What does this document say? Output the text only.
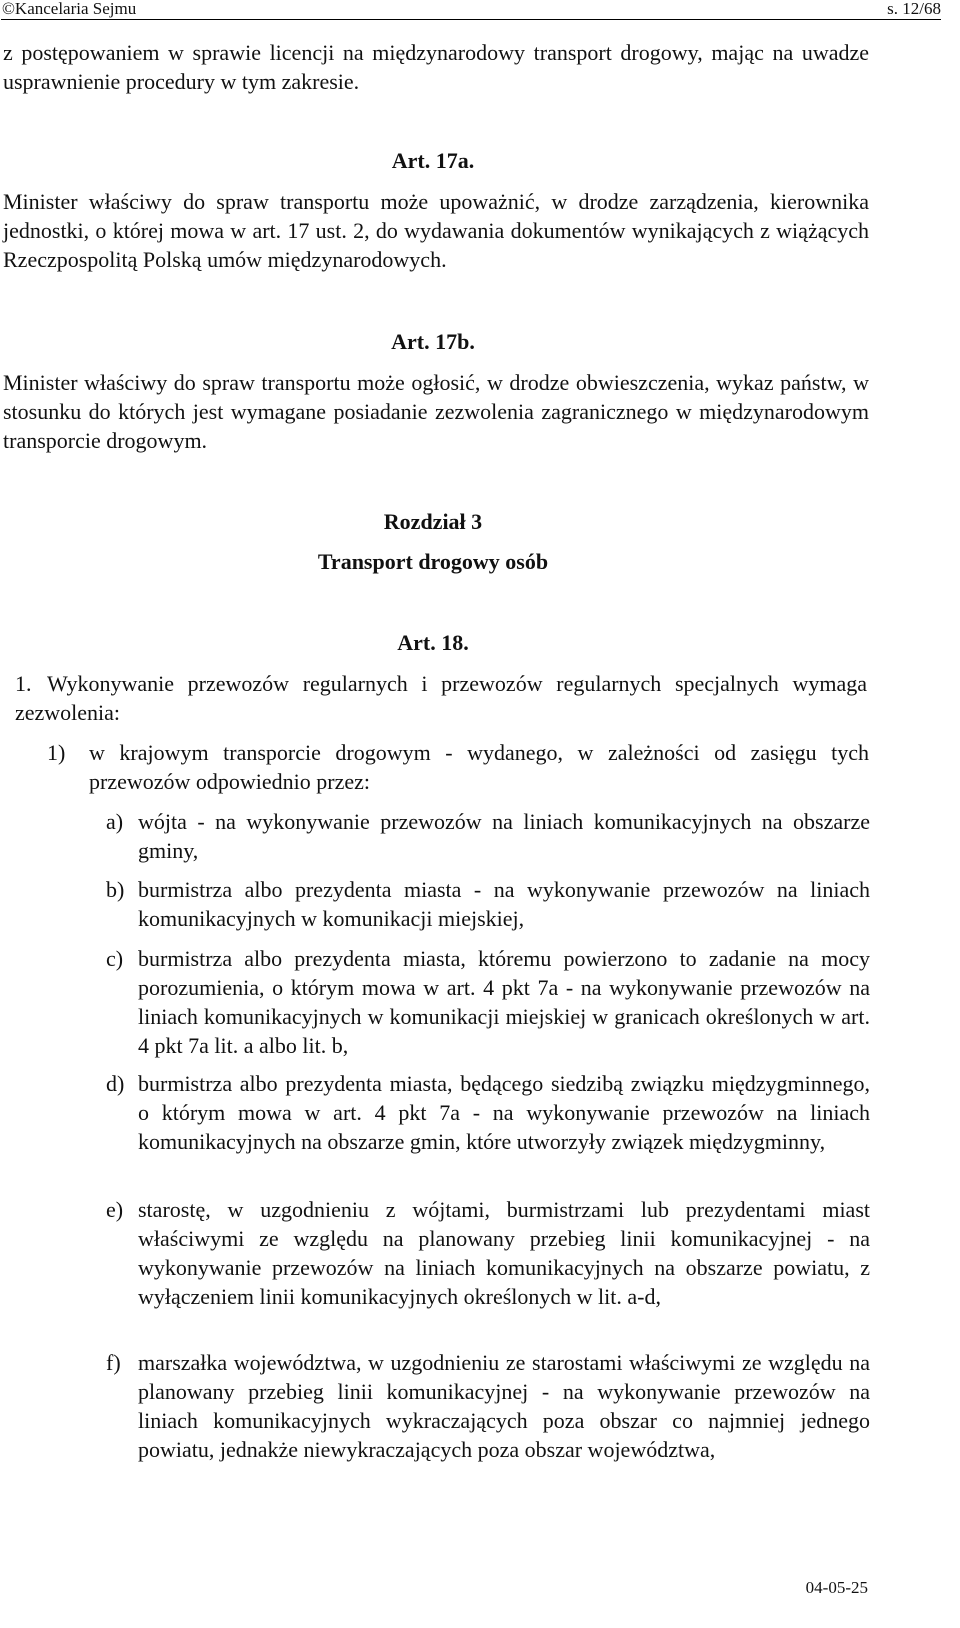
©Kancelaria Sejmu	s. 12/68

z postępowaniem w sprawie licencji na międzynarodowy transport drogowy, mając na uwadze usprawnienie procedury w tym zakresie.

Art. 17a.

Minister właściwy do spraw transportu może upoważnić, w drodze zarządzenia, kierownika jednostki, o której mowa w art. 17 ust. 2, do wydawania dokumentów wynikających z wiążących Rzeczpospolitą Polską umów międzynarodowych.

Art. 17b.

Minister właściwy do spraw transportu może ogłosić, w drodze obwieszczenia, wykaz państw, w stosunku do których jest wymagane posiadanie zezwolenia zagranicznego w międzynarodowym transporcie drogowym.

Rozdział 3
Transport drogowy osób
Art. 18.
1. Wykonywanie przewozów regularnych i przewozów regularnych specjalnych wymaga zezwolenia:
1)	w krajowym transporcie drogowym - wydanego, w zależności od zasięgu tych przewozów odpowiednio przez:
a) wójta - na wykonywanie przewozów na liniach komunikacyjnych na obszarze gminy,
b) burmistrza albo prezydenta miasta - na wykonywanie przewozów na liniach komunikacyjnych w komunikacji miejskiej,
c) burmistrza albo prezydenta miasta, któremu powierzono to zadanie na mocy porozumienia, o którym mowa w art. 4 pkt 7a - na wykonywanie przewozów na liniach komunikacyjnych w komunikacji miejskiej w granicach określonych w art. 4 pkt 7a lit. a albo lit. b,
d) burmistrza albo prezydenta miasta, będącego siedzibą związku międzygminnego, o którym mowa w art. 4 pkt 7a - na wykonywanie przewozów na liniach komunikacyjnych na obszarze gmin, które utworzyły związek międzygminny,
e) starostę, w uzgodnieniu z wójtami, burmistrzami lub prezydentami miast właściwymi ze względu na planowany przebieg linii komunikacyjnej - na wykonywanie przewozów na liniach komunikacyjnych na obszarze powiatu, z wyłączeniem linii komunikacyjnych określonych w lit. a-d,
f) marszałka województwa, w uzgodnieniu ze starostami właściwymi ze względu na planowany przebieg linii komunikacyjnej - na wykonywanie przewozów na liniach komunikacyjnych wykraczających poza obszar co najmniej jednego powiatu, jednakże niewykraczających poza obszar województwa,
04-05-25
